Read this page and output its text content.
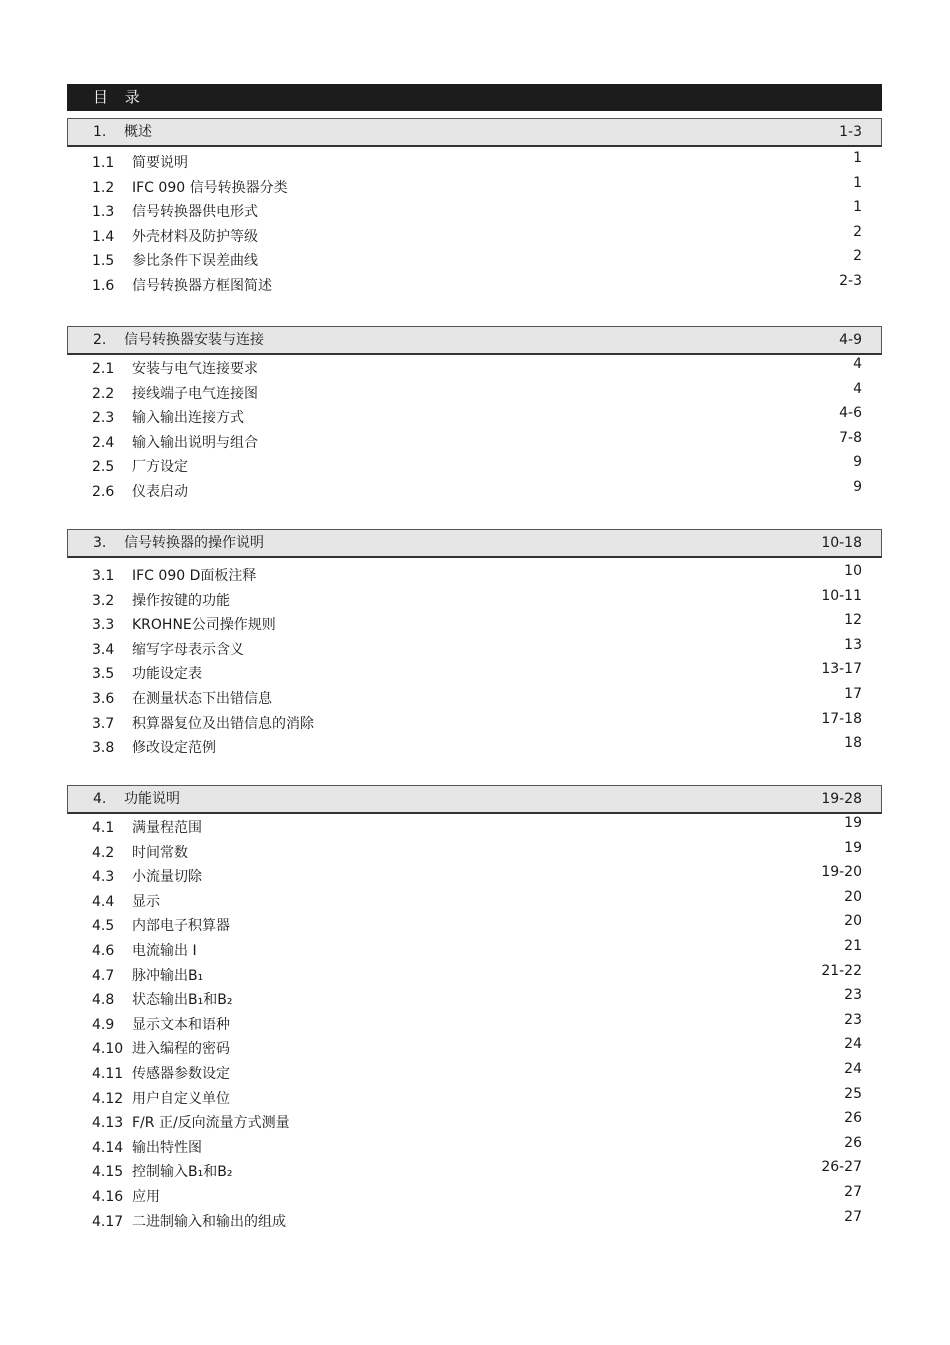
目 录
1. 概述	1-3
1.1 简要说明	1
1.2 IFC 090 信号转换器分类	1
1.3 信号转换器供电形式	1
1.4 外壳材料及防护等级	2
1.5 参比条件下误差曲线	2
1.6 信号转换器方框图简述	2-3
2. 信号转换器安装与连接	4-9
2.1 安装与电气连接要求	4
2.2 接线端子电气连接图	4
2.3 输入输出连接方式	4-6
2.4 输入输出说明与组合	7-8
2.5 厂方设定	9
2.6 仪表启动	9
3. 信号转换器的操作说明	10-18
3.1 IFC 090 D面板注释	10
3.2 操作按键的功能	10-11
3.3 KROHNE公司操作规则	12
3.4 缩写字母表示含义	13
3.5 功能设定表	13-17
3.6 在测量状态下出错信息	17
3.7 积算器复位及出错信息的消除	17-18
3.8 修改设定范例	18
4. 功能说明	19-28
4.1 满量程范围	19
4.2 时间常数	19
4.3 小流量切除	19-20
4.4 显示	20
4.5 内部电子积算器	20
4.6 电流输出 I	21
4.7 脉冲输出B₁	21-22
4.8 状态输出B₁和B₂	23
4.9 显示文本和语种	23
4.10 进入编程的密码	24
4.11 传感器参数设定	24
4.12 用户自定义单位	25
4.13 F/R 正/反向流量方式测量	26
4.14 输出特性图	26
4.15 控制输入B₁和B₂	26-27
4.16 应用	27
4.17 二进制输入和输出的组成	27
